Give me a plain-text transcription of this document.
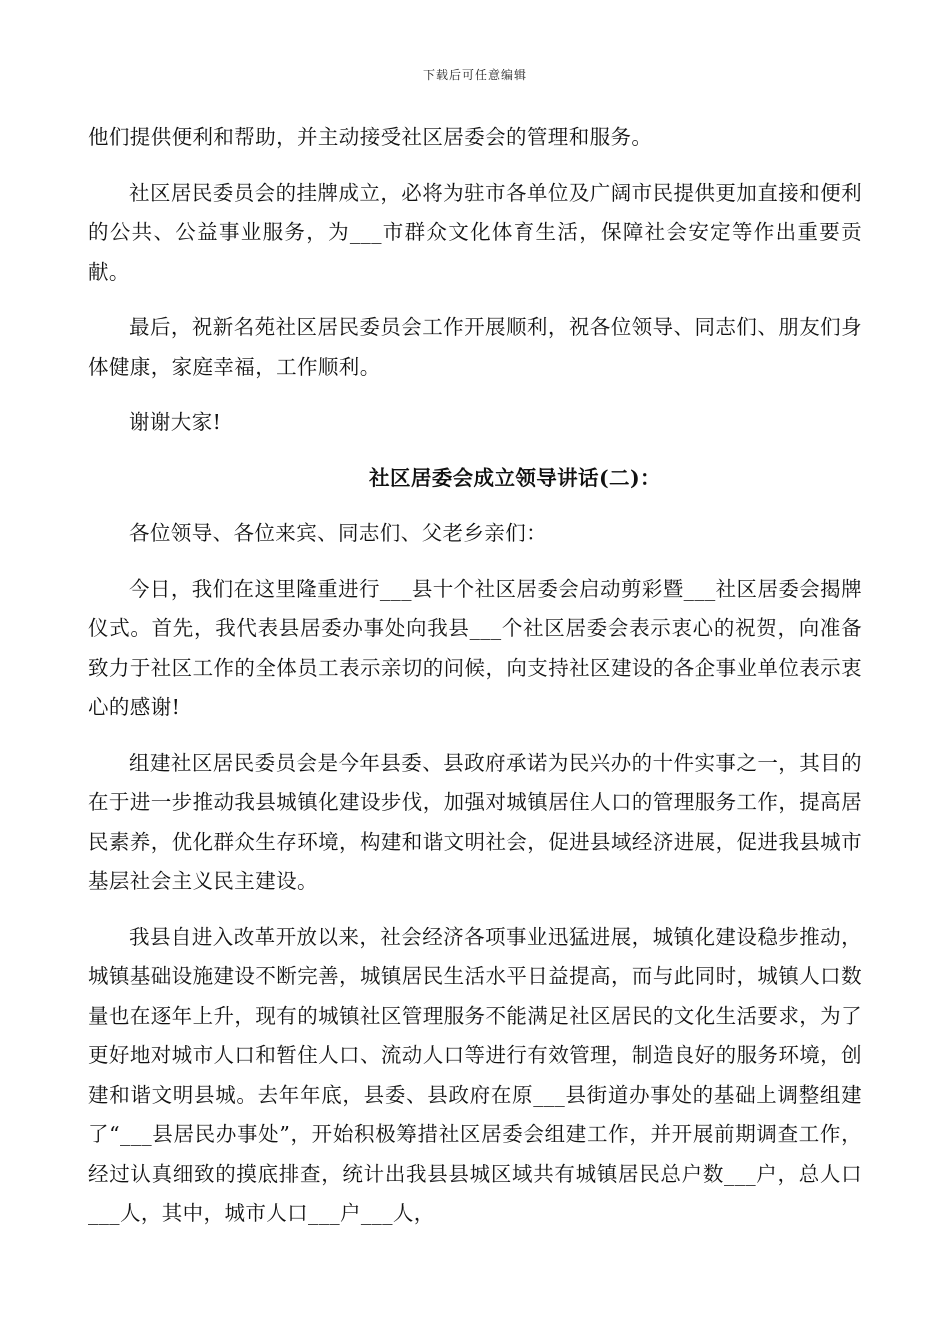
下载后可任意编辑

他们提供便利和帮助，并主动接受社区居委会的管理和服务。

社区居民委员会的挂牌成立，必将为驻市各单位及广阔市民提供更加直接和便利的公共、公益事业服务，为___市群众文化体育生活，保障社会安定等作出重要贡献。

最后，祝新名苑社区居民委员会工作开展顺利，祝各位领导、同志们、朋友们身体健康，家庭幸福，工作顺利。

谢谢大家!

社区居委会成立领导讲话(二)：

各位领导、各位来宾、同志们、父老乡亲们：

今日，我们在这里隆重进行___县十个社区居委会启动剪彩暨___社区居委会揭牌仪式。首先，我代表县居委办事处向我县___个社区居委会表示衷心的祝贺，向准备致力于社区工作的全体员工表示亲切的问候，向支持社区建设的各企事业单位表示衷心的感谢!

组建社区居民委员会是今年县委、县政府承诺为民兴办的十件实事之一，其目的在于进一步推动我县城镇化建设步伐，加强对城镇居住人口的管理服务工作，提高居民素养，优化群众生存环境，构建和谐文明社会，促进县域经济进展，促进我县城市基层社会主义民主建设。

我县自进入改革开放以来，社会经济各项事业迅猛进展，城镇化建设稳步推动，城镇基础设施建设不断完善，城镇居民生活水平日益提高，而与此同时，城镇人口数量也在逐年上升，现有的城镇社区管理服务不能满足社区居民的文化生活要求，为了更好地对城市人口和暂住人口、流动人口等进行有效管理，制造良好的服务环境，创建和谐文明县城。去年年底，县委、县政府在原___县街道办事处的基础上调整组建了“___县居民办事处”，开始积极筹措社区居委会组建工作，并开展前期调查工作，经过认真细致的摸底排查，统计出我县县城区域共有城镇居民总户数___户，总人口___人，其中，城市人口___户___人，
